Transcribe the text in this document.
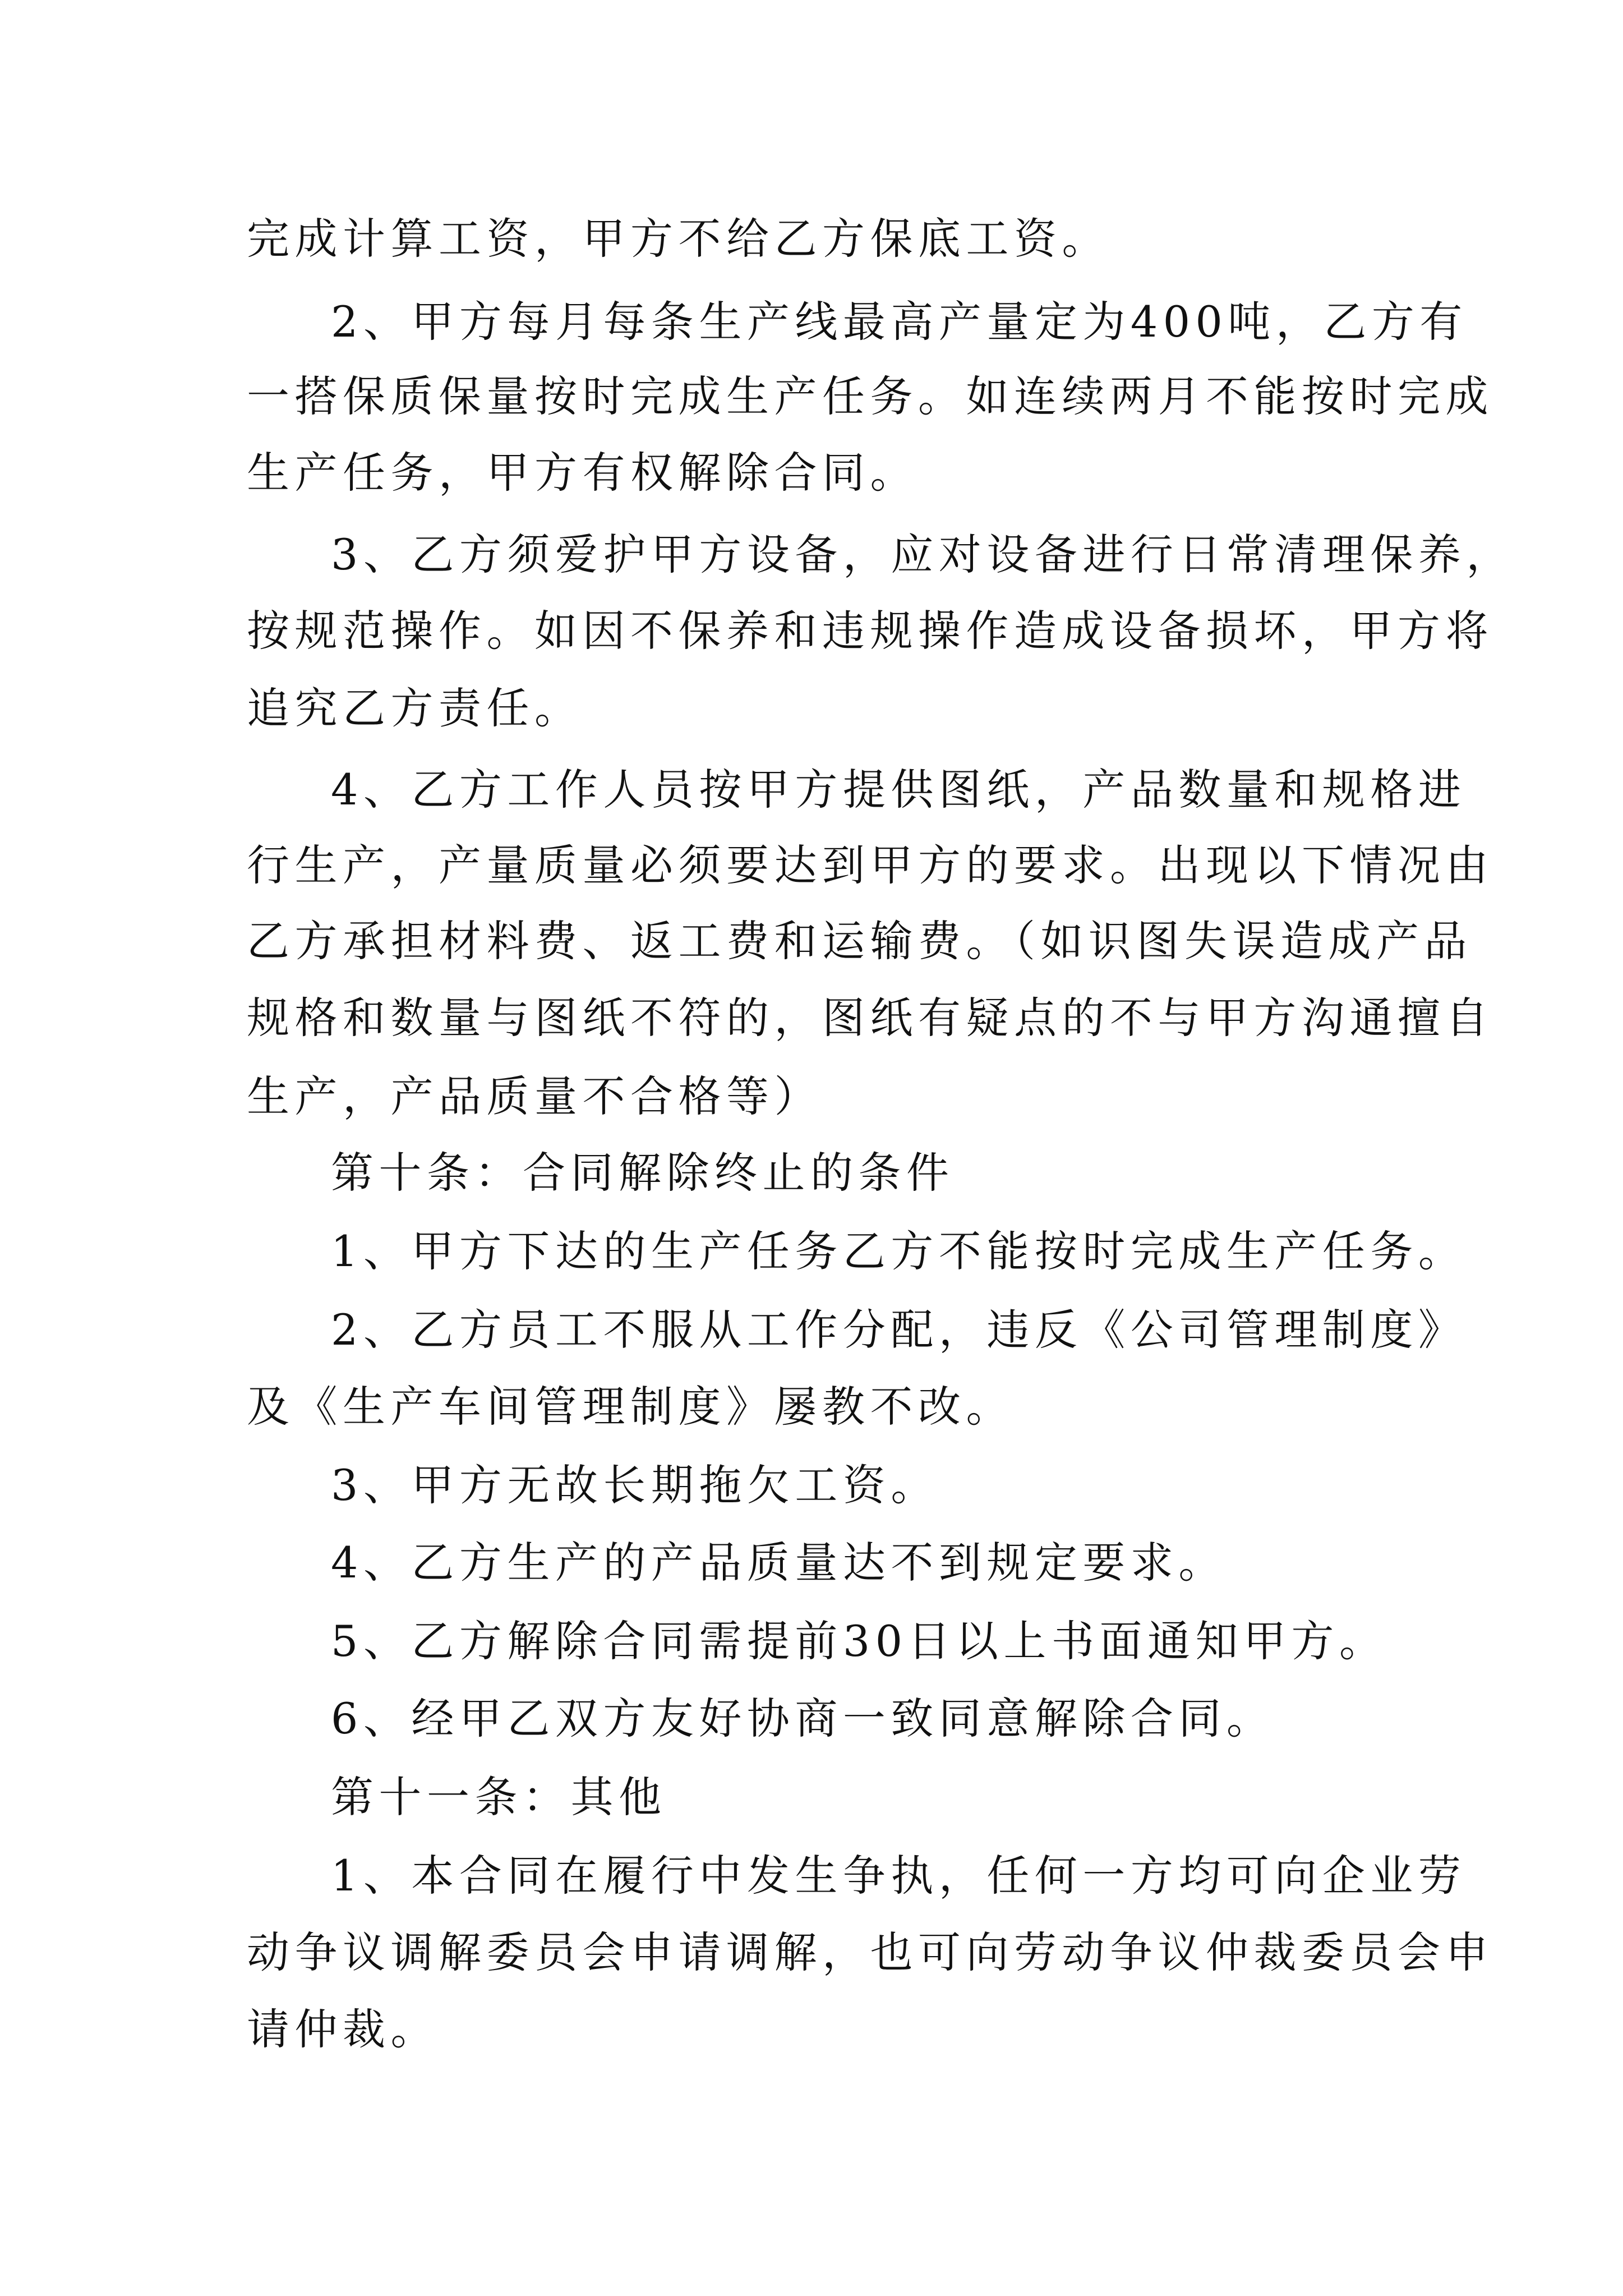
完成计算工资，甲方不给乙方保底工资。

2、甲方每月每条生产线最高产量定为400吨，乙方有

一搭保质保量按时完成生产任务。如连续两月不能按时完成

生产任务，甲方有权解除合同。

3、乙方须爱护甲方设备，应对设备进行日常清理保养，

按规范操作。如因不保养和违规操作造成设备损坏，甲方将

追究乙方责任。

4、乙方工作人员按甲方提供图纸，产品数量和规格进

行生产，产量质量必须要达到甲方的要求。出现以下情况由

乙方承担材料费、返工费和运输费。（如识图失误造成产品

规格和数量与图纸不符的，图纸有疑点的不与甲方沟通擅自

生产，产品质量不合格等）

第十条：合同解除终止的条件

1、甲方下达的生产任务乙方不能按时完成生产任务。

2、乙方员工不服从工作分配，违反《公司管理制度》

及《生产车间管理制度》屡教不改。

3、甲方无故长期拖欠工资。

4、乙方生产的产品质量达不到规定要求。

5、乙方解除合同需提前30日以上书面通知甲方。

6、经甲乙双方友好协商一致同意解除合同。

第十一条：其他

1、本合同在履行中发生争执，任何一方均可向企业劳

动争议调解委员会申请调解，也可向劳动争议仲裁委员会申

请仲裁。
